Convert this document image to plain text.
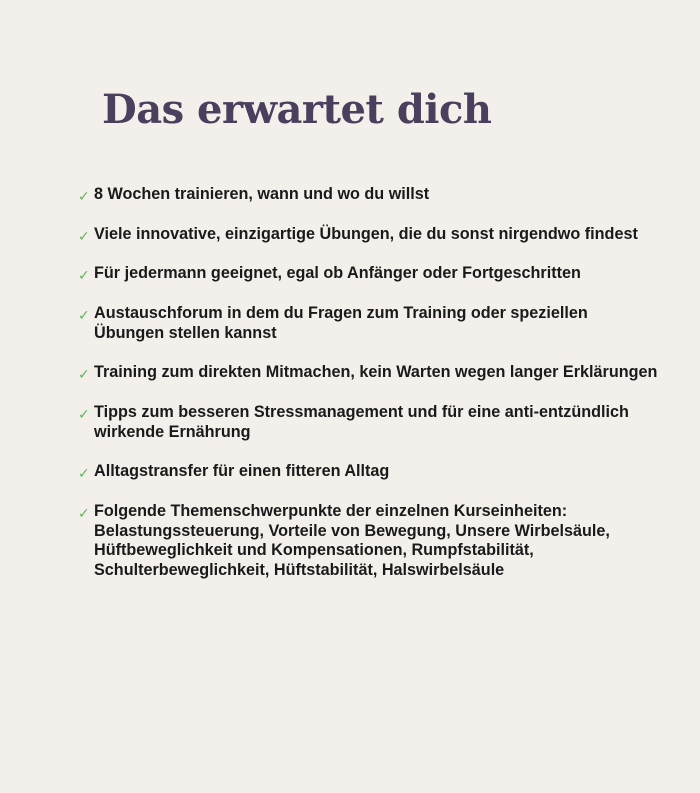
Das erwartet dich
✓ 8 Wochen trainieren, wann und wo du willst
✓ Viele innovative, einzigartige Übungen, die du sonst nirgendwo findest
✓ Für jedermann geeignet, egal ob Anfänger oder Fortgeschritten
✓ Austauschforum in dem du Fragen zum Training oder speziellen Übungen stellen kannst
✓ Training zum direkten Mitmachen, kein Warten wegen langer Erklärungen
✓ Tipps zum besseren Stressmanagement und für eine anti-entzündlich wirkende Ernährung
✓ Alltagstransfer für einen fitteren Alltag
✓ Folgende Themenschwerpunkte der einzelnen Kurseinheiten: Belastungssteuerung, Vorteile von Bewegung, Unsere Wirbelsäule, Hüftbeweglichkeit und Kompensationen, Rumpfstabilität, Schulterbeweglichkeit, Hüftstabilität, Halswirbelsäule
